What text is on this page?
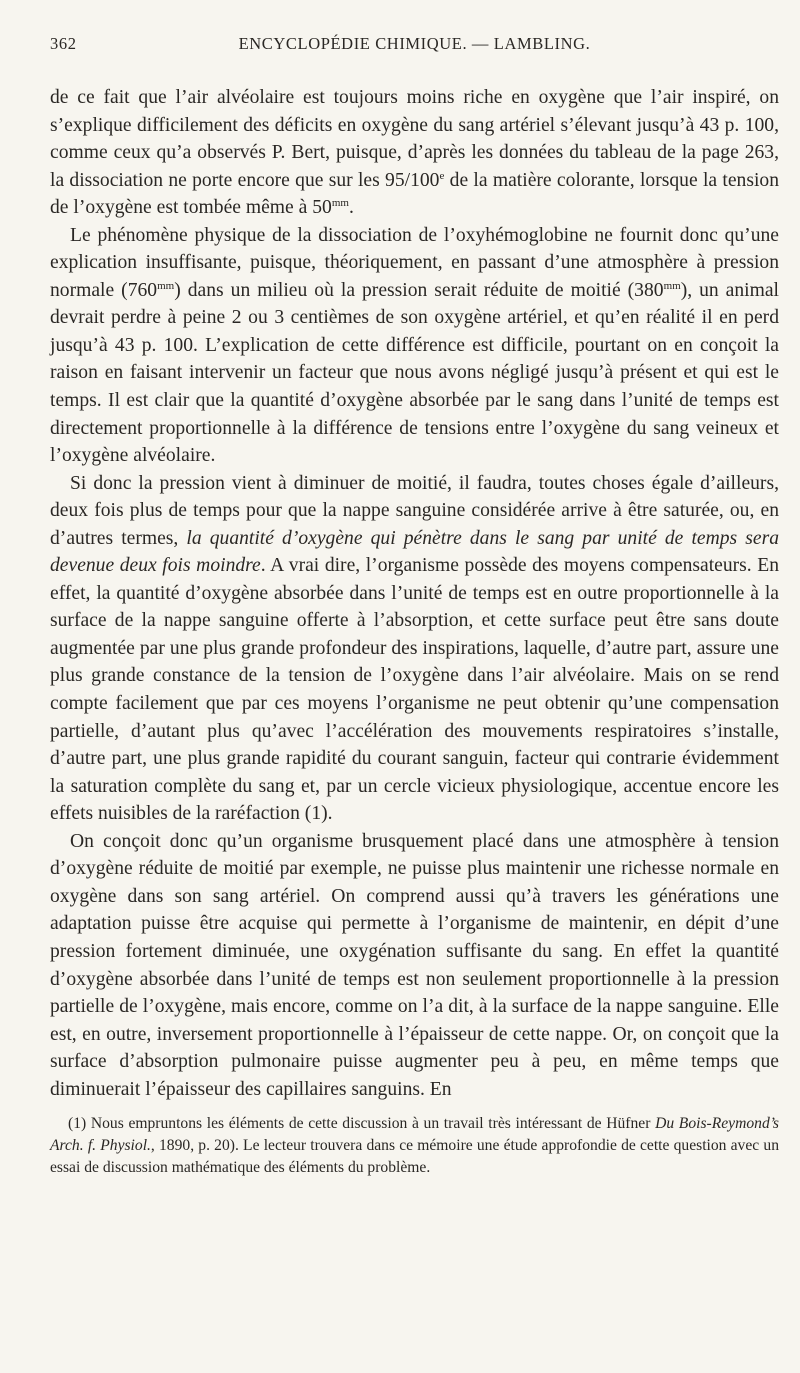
362	ENCYCLOPÉDIE CHIMIQUE. — LAMBLING.

de ce fait que l’air alvéolaire est toujours moins riche en oxygène que l’air inspiré, on s’explique difficilement des déficits en oxygène du sang artériel s’élevant jusqu’à 43 p. 100, comme ceux qu’a observés P. Bert, puisque, d’après les données du tableau de la page 263, la dissociation ne porte encore que sur les 95/100e de la matière colorante, lorsque la tension de l’oxygène est tombée même à $50^{mm}$.

Le phénomène physique de la dissociation de l’oxyhémoglobine ne fournit donc qu’une explication insuffisante, puisque, théoriquement, en passant d’une atmosphère à pression normale $(760^{mm})$ dans un milieu où la pression serait réduite de moitié $(380^{mm})$, un animal devrait perdre à peine 2 ou 3 centièmes de son oxygène artériel, et qu’en réalité il en perd jusqu’à 43 p. 100. L’explication de cette différence est difficile, pourtant on en conçoit la raison en faisant intervenir un facteur que nous avons négligé jusqu’à présent et qui est le temps. Il est clair que la quantité d’oxygène absorbée par le sang dans l’unité de temps est directement proportionnelle à la différence de tensions entre l’oxygène du sang veineux et l’oxygène alvéolaire.

Si donc la pression vient à diminuer de moitié, il faudra, toutes choses égale d’ailleurs, deux fois plus de temps pour que la nappe sanguine considérée arrive à être saturée, ou, en d’autres termes, la quantité d’oxygène qui pénètre dans le sang par unité de temps sera devenue deux fois moindre. A vrai dire, l’organisme possède des moyens compensateurs. En effet, la quantité d’oxygène absorbée dans l’unité de temps est en outre proportionnelle à la surface de la nappe sanguine offerte à l’absorption, et cette surface peut être sans doute augmentée par une plus grande profondeur des inspirations, laquelle, d’autre part, assure une plus grande constance de la tension de l’oxygène dans l’air alvéolaire. Mais on se rend compte facilement que par ces moyens l’organisme ne peut obtenir qu’une compensation partielle, d’autant plus qu’avec l’accélération des mouvements respiratoires s’installe, d’autre part, une plus grande rapidité du courant sanguin, facteur qui contrarie évidemment la saturation complète du sang et, par un cercle vicieux physiologique, accentue encore les effets nuisibles de la raréfaction (1).

On conçoit donc qu’un organisme brusquement placé dans une atmosphère à tension d’oxygène réduite de moitié par exemple, ne puisse plus maintenir une richesse normale en oxygène dans son sang artériel. On comprend aussi qu’à travers les générations une adaptation puisse être acquise qui permette à l’organisme de maintenir, en dépit d’une pression fortement diminuée, une oxygénation suffisante du sang. En effet la quantité d’oxygène absorbée dans l’unité de temps est non seulement proportionnelle à la pression partielle de l’oxygène, mais encore, comme on l’a dit, à la surface de la nappe sanguine. Elle est, en outre, inversement proportionnelle à l’épaisseur de cette nappe. Or, on conçoit que la surface d’absorption pulmonaire puisse augmenter peu à peu, en même temps que diminuerait l’épaisseur des capillaires sanguins. En

(1) Nous empruntons les éléments de cette discussion à un travail très intéressant de Hüfner Du Bois-Reymond’s Arch. f. Physiol., 1890, p. 20). Le lecteur trouvera dans ce mémoire une étude approfondie de cette question avec un essai de discussion mathématique des éléments du problème.
